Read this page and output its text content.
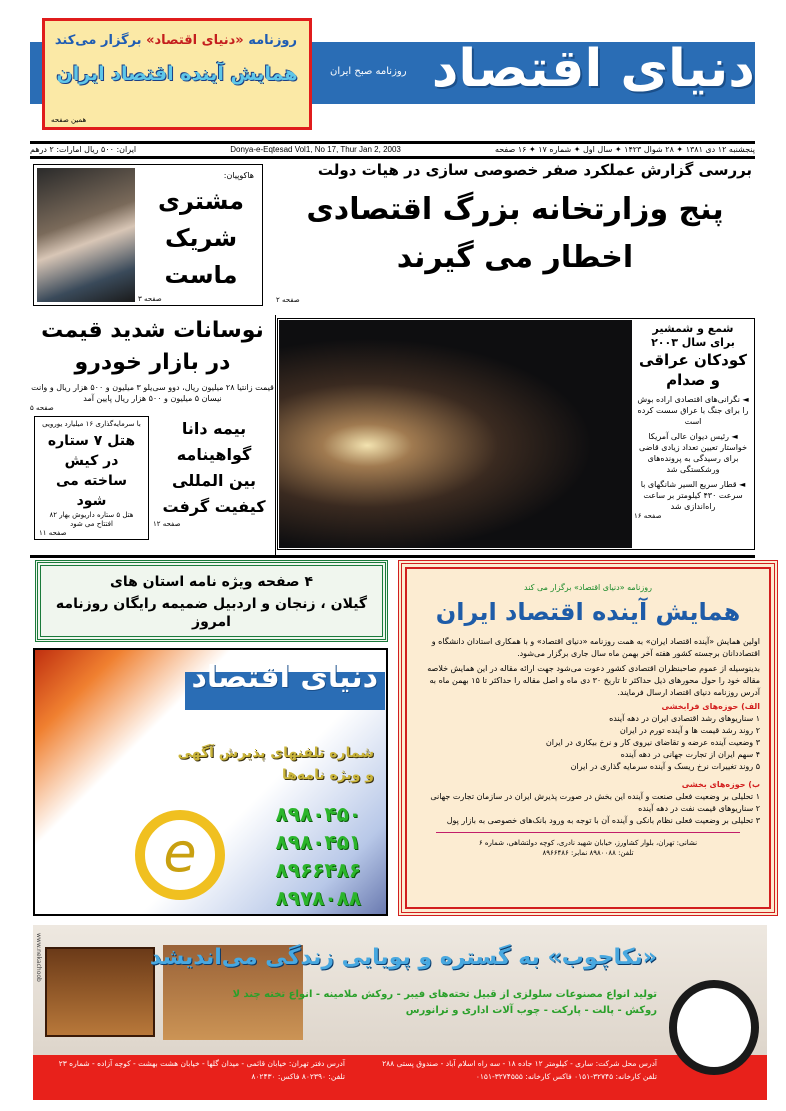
دنیای اقتصاد
روزنامه صبح ایران
روزنامه «دنیای اقتصاد» برگزار می‌کند
همایش آینده اقتصاد ایران
همین صفحه
ایران: ۵۰۰ ریال امارات: ۲ درهم	Donya-e-Eqtesad Vol1, No 17, Thur Jan 2, 2003	پنجشنبه ۱۲ دی ۱۳۸۱ ✦ ۲۸ شوال ۱۴۲۳ ✦ سال اول ✦ شماره ۱۷ ✦ ۱۶ صفحه
هاکوپیان:
مشتری
شریک
ماست
صفحه ۳
بررسی گزارش عملکرد صفر خصوصی سازی در هیات دولت
پنج وزارتخانه بزرگ اقتصادی
اخطار می گیرند
صفحه ۲
نوسانات شدید قیمت
در بازار خودرو
قیمت زانتیا ۲۸ میلیون ریال، دوو سی‌یلو ۳ میلیون و ۵۰۰ هزار ریال و وانت نیسان ۵ میلیون و ۵۰۰ هزار ریال پایین آمد
صفحه ۵
بیمه دانا
گواهینامه
بین المللی
کیفیت گرفت
صفحه ۱۲
با سرمایه‌گذاری ۱۶ میلیارد یورویی
هتل ۷ ستاره
در کیش
ساخته می شود
هتل ۵ ستاره داریوش بهار ۸۲ افتتاح می شود
صفحه ۱۱
شمع و شمشیر
برای سال ۲۰۰۳
کودکان عراقی
و صدام
◄ نگرانی‌های اقتصادی اراده بوش را برای جنگ با عراق سست کرده است
◄ رئیس دیوان عالی آمریکا خواستار تعیین تعداد زیادی قاضی برای رسیدگی به پرونده‌های ورشکستگی شد
◄ قطار سریع السیر شانگهای با سرعت ۴۳۰ کیلومتر بر ساعت راه‌اندازی شد
صفحه ۱۶
۴ صفحه ویژه نامه استان های
گیلان ، زنجان و اردبیل ضمیمه رایگان روزنامه امروز
دنیای اقتصاد
شماره تلفنهای پذیرش آگهی
و ویژه نامه‌ها
e
۸۹۸۰۴۵۰
۸۹۸۰۴۵۱
۸۹۶۶۴۸۶
۸۹۷۸۰۸۸
روزنامه «دنیای اقتصاد» برگزار می کند
همایش آینده اقتصاد ایران

اولین همایش «آینده اقتصاد ایران» به همت روزنامه «دنیای اقتصاد» و با همکاری استادان دانشگاه و اقتصاددانان برجسته کشور هفته آخر بهمن ماه سال جاری برگزار می‌شود.

بدینوسیله از عموم صاحبنظران اقتصادی کشور دعوت می‌شود جهت ارائه مقاله در این همایش خلاصه مقاله خود را حول محورهای ذیل حداکثر تا تاریخ ۳۰ دی ماه و اصل مقاله را حداکثر تا ۱۵ بهمن ماه به آدرس روزنامه دنیای اقتصاد ارسال فرمایند.

الف) حوزه‌های فرابخشی
۱ سناریوهای رشد اقتصادی ایران در دهه آینده
۲ روند رشد قیمت ها و آینده تورم در ایران
۳ وضعیت آینده عرضه و تقاضای نیروی کار و نرخ بیکاری در ایران
۴ سهم ایران از تجارت جهانی در دهه آینده
۵ روند تغییرات نرخ ریسک و آینده سرمایه گذاری در ایران
ب) حوزه‌های بخشی
۱ تحلیلی بر وضعیت فعلی صنعت و آینده این بخش در صورت پذیرش ایران در سازمان تجارت جهانی
۲ سناریوهای قیمت نفت در دهه آینده
۳ تحلیلی بر وضعیت فعلی نظام بانکی و آینده آن با توجه به ورود بانک‌های خصوصی به بازار پول
نشانی: تهران، بلوار کشاورز، خیابان شهید نادری، کوچه دولتشاهی، شماره ۶
تلفن: ۸۹۸۰۰۸۸ نمابر: ۸۹۶۶۴۸۶
«نکاچوب» به گستره و پویایی زندگی می‌اندیشد
تولید انواع مصنوعات سلولزی از قبیل تخته‌های فیبر - روکش ملامینه - انواع تخته چند لا
روکش - پالت - پارکت - چوب آلات اداری و ترانورس
آدرس محل شرکت: ساری - کیلومتر ۱۲ جاده ۱۸ - سه راه اسلام آباد - صندوق پستی ۲۸۸
تلفن کارخانه: ۳۲۷۴۵-۰۱۵۱ فاکس کارخانه: ۳۲۷۴۵۵۵-۰۱۵۱
آدرس دفتر تهران: خیابان قائمی - میدان گلها - خیابان هشت بهشت - کوچه آزاده - شماره ۲۳
تلفن: ۸۰۲۳۹۰ فاکس: ۸۰۲۴۳۰
www.nekachoob
